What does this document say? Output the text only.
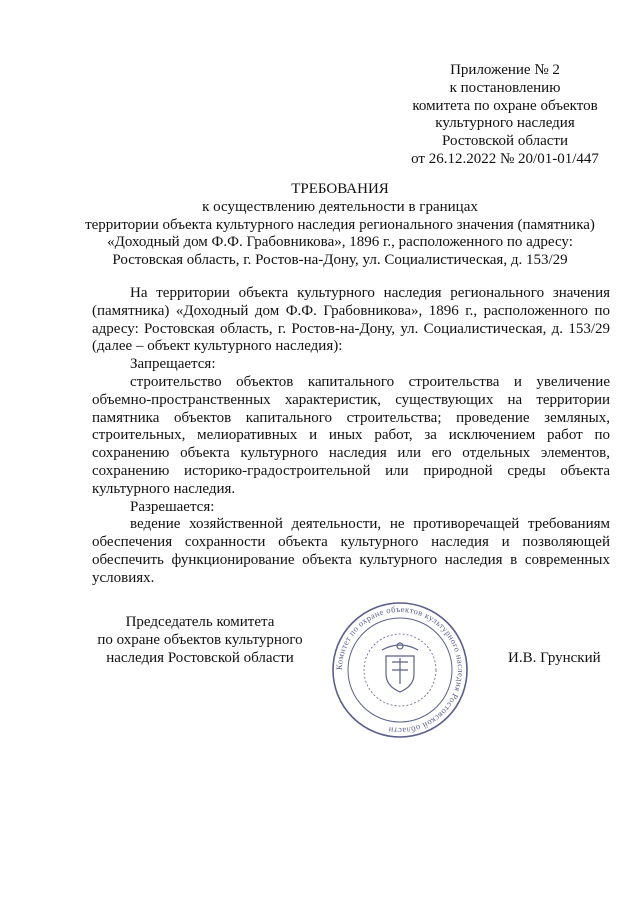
Приложение № 2
к постановлению
комитета по охране объектов
культурного наследия
Ростовской области
от 26.12.2022 № 20/01-01/447
ТРЕБОВАНИЯ
к осуществлению деятельности в границах
территории объекта культурного наследия регионального значения (памятника)
«Доходный дом Ф.Ф. Грабовникова», 1896 г., расположенного по адресу:
Ростовская область, г. Ростов-на-Дону, ул. Социалистическая, д. 153/29

На территории объекта культурного наследия регионального значения (памятника) «Доходный дом Ф.Ф. Грабовникова», 1896 г., расположенного по адресу: Ростовская область, г. Ростов-на-Дону, ул. Социалистическая, д. 153/29 (далее – объект культурного наследия):

Запрещается:

строительство объектов капитального строительства и увеличение объемно-пространственных характеристик, существующих на территории памятника объектов капитального строительства; проведение земляных, строительных, мелиоративных и иных работ, за исключением работ по сохранению объекта культурного наследия или его отдельных элементов, сохранению историко-градостроительной или природной среды объекта культурного наследия.

Разрешается:

ведение хозяйственной деятельности, не противоречащей требованиям обеспечения сохранности объекта культурного наследия и позволяющей обеспечить функционирование объекта культурного наследия в современных условиях.

Председатель комитета
по охране объектов культурного
наследия Ростовской области
Комитет по охране объектов культурного наследия Ростовской области
И.В. Грунский
